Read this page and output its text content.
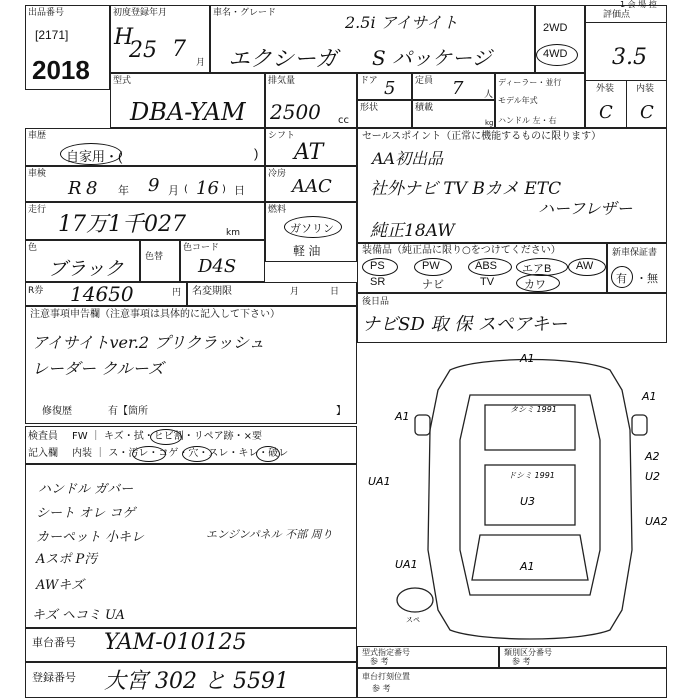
出品番号
[2171]
2018
初度登録年月
H
25 7
月
車名・グレード	2.5i アイサイト
エクシーガ S パッケージ
2WD
4WD
評価点
3.5
外装 内装
C C
1 会 場 控
型式
DBA-YAM
排気量
2500 cc
ドア 5 定員 7 人
形状	積載
kg
ディーラー・並行
モデル年式
ハンドル 左・右
車歴
自家用・(	)
シフト
AT
セールスポイント（正常に機能するものに限ります）
AA初出品
社外ナビ TV Bカメ ETC
ハーフレザー
純正18AW
車検
R 8 年 9 月 ( 16 ) 日
冷房
AAC
走行
17万1千027	km
燃料
ガソリン
軽 油
色
ブラック
色替
色コード
D4S
装備品（純正品に限り○をつけてください）
PS	PW	ABS エアB AW
SR	ナビ	TV	カワ
新車保証書
有 ・無
R券 14650	円 名変期限	月	日
後日品
ナビSD 取 保 スペアキー
注意事項申告欄（注意事項は具体的に記入して下さい）
アイサイトver.2 プリクラッシュ
レーダー クルーズ
修復歴	有【箇所	】
検査員
記入欄
FW ｜ キズ・拭・ヒビ割・リペア跡・×要
内装 ｜ ス・汚レ・コゲ・穴・スレ・キレ・破レ
ハンドル ガバー
シート オレ コゲ
カーペット 小キレ
Aスポ P汚
AWキズ
キズ ヘコミ UA
エンジンパネル 不部 周り
A1
A1
A1
タシミ 1991
ドシミ 1991
UA1
A2
U2
UA2
U3
UA1	A1
スペ
車台番号 YAM-010125
登録番号 大宮 302 と 5591
型式指定番号
参 考
類別区分番号
参 考
車台打刻位置
参 考
